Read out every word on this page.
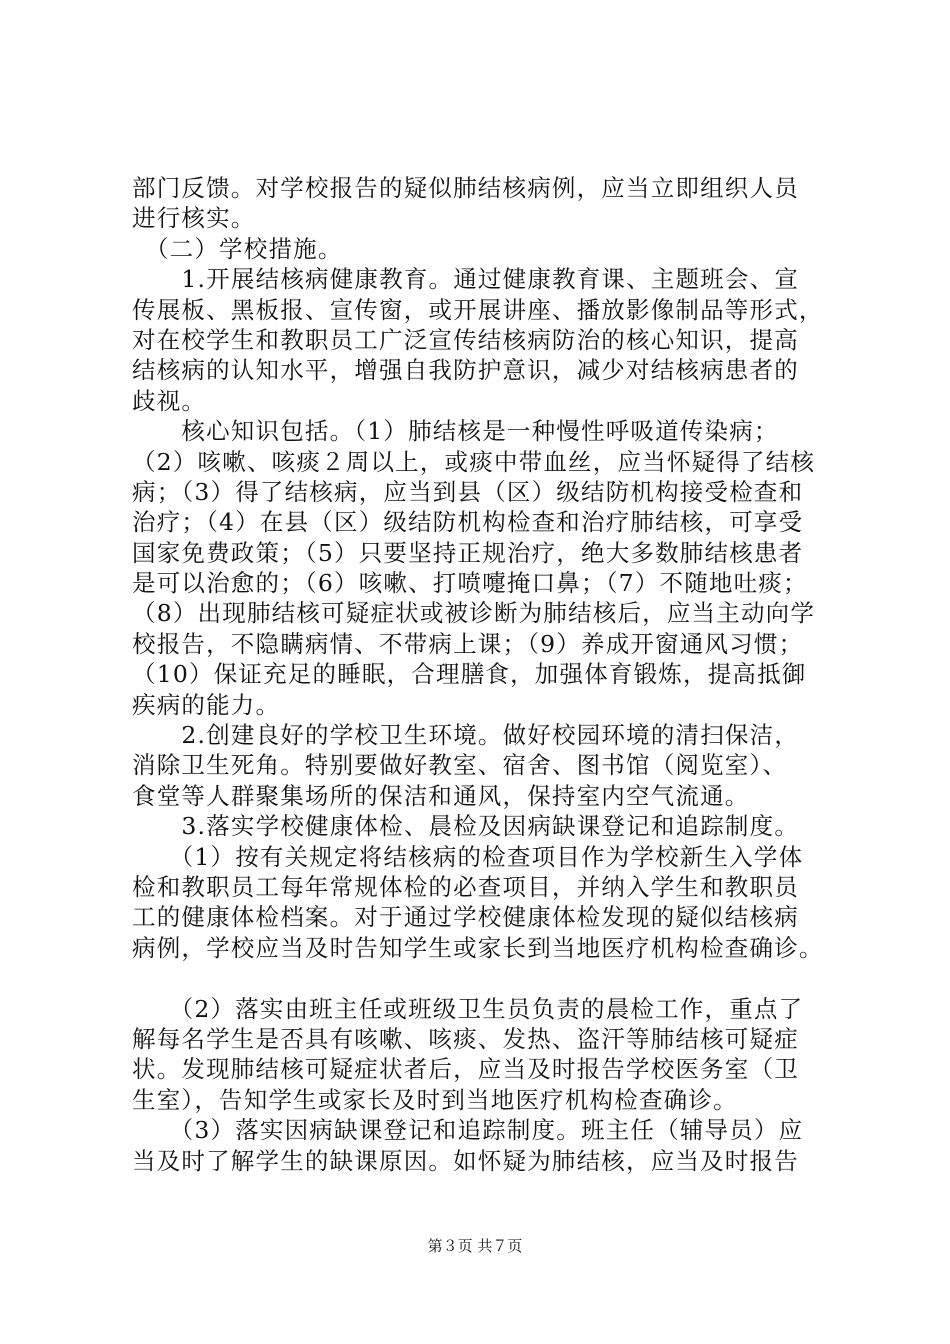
部门反馈。对学校报告的疑似肺结核病例，应当立即组织人员
进行核实。
　（二）学校措施。
　　1.开展结核病健康教育。通过健康教育课、主题班会、宣
传展板、黑板报、宣传窗，或开展讲座、播放影像制品等形式，
对在校学生和教职员工广泛宣传结核病防治的核心知识，提高
结核病的认知水平，增强自我防护意识，减少对结核病患者的
歧视。
　　核心知识包括。（1）肺结核是一种慢性呼吸道传染病；
（2）咳嗽、咳痰２周以上，或痰中带血丝，应当怀疑得了结核
病；（3）得了结核病，应当到县（区）级结防机构接受检查和
治疗；（4）在县（区）级结防机构检查和治疗肺结核，可享受
国家免费政策；（5）只要坚持正规治疗，绝大多数肺结核患者
是可以治愈的；（6）咳嗽、打喷嚏掩口鼻；（7）不随地吐痰；
（8）出现肺结核可疑症状或被诊断为肺结核后，应当主动向学
校报告，不隐瞒病情、不带病上课；（9）养成开窗通风习惯；
（10）保证充足的睡眠，合理膳食，加强体育锻炼，提高抵御
疾病的能力。
　　2.创建良好的学校卫生环境。做好校园环境的清扫保洁，
消除卫生死角。特别要做好教室、宿舍、图书馆（阅览室）、
食堂等人群聚集场所的保洁和通风，保持室内空气流通。
　　3.落实学校健康体检、晨检及因病缺课登记和追踪制度。
　　（1）按有关规定将结核病的检查项目作为学校新生入学体
检和教职员工每年常规体检的必查项目，并纳入学生和教职员
工的健康体检档案。对于通过学校健康体检发现的疑似结核病
病例，学校应当及时告知学生或家长到当地医疗机构检查确诊。
　　（2）落实由班主任或班级卫生员负责的晨检工作，重点了
解每名学生是否具有咳嗽、咳痰、发热、盗汗等肺结核可疑症
状。发现肺结核可疑症状者后，应当及时报告学校医务室（卫
生室），告知学生或家长及时到当地医疗机构检查确诊。
　　（3）落实因病缺课登记和追踪制度。班主任（辅导员）应
当及时了解学生的缺课原因。如怀疑为肺结核，应当及时报告
第３页 共７页
